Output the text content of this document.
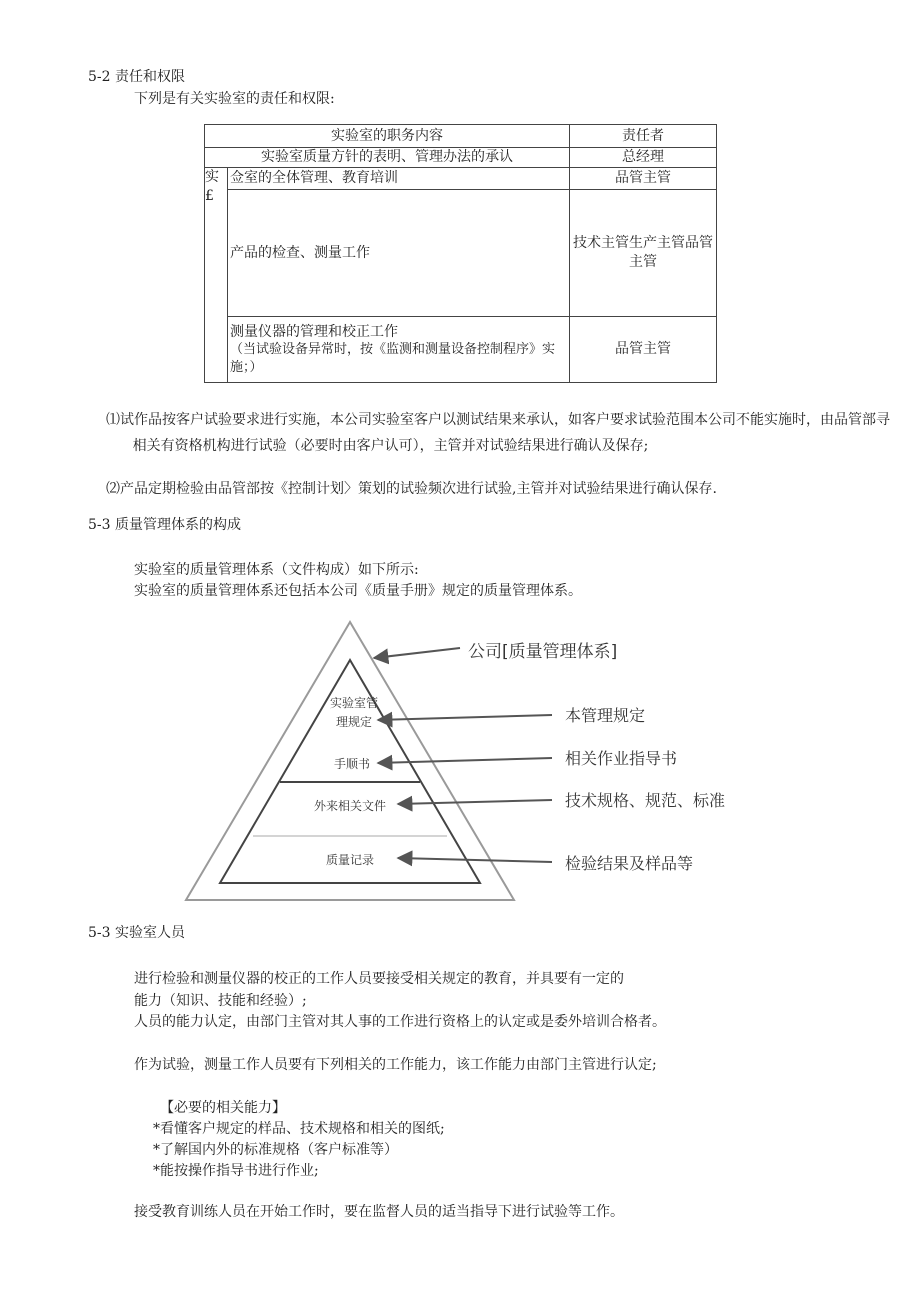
5-2 责任和权限
下列是有关实验室的责任和权限:
实验室的职务内容		责任者
实验室质量方针的表明、管理办法的承认		总经理
实£	佥室的全体管理、教育培训	品管主管
	产品的检查、测量工作	技术主管生产主管品管主管

	测量仪器的管理和校正工作
（当试验设备异常时，按《监测和测量设备控制程序》实施；）	品管主管
⑴试作品按客户试验要求进行实施，本公司实验室客户以测试结果来承认，如客户要求试验范围本公司不能实施时，由品管部寻相关有资格机构进行试验（必要时由客户认可），主管并对试验结果进行确认及保存;
⑵产品定期检验由品管部按《控制计划〉策划的试验频次进行试验,主管并对试验结果进行确认保存.
5-3 质量管理体系的构成
实验室的质量管理体系（文件构成）如下所示:
实验室的质量管理体系还包括本公司《质量手册》规定的质量管理体系。
实验室管
理规定
手顺书
外来相关文件
质量记录
公司[质量管理体系]
本管理规定
相关作业指导书
技术规格、规范、标准
检验结果及样品等
5-3 实验室人员
进行检验和测量仪器的校正的工作人员要接受相关规定的教育，并具要有一定的
能力（知识、技能和经验）;
人员的能力认定，由部门主管对其人事的工作进行资格上的认定或是委外培训合格者。
作为试验，测量工作人员要有下列相关的工作能力，该工作能力由部门主管进行认定;
【必要的相关能力】
*看懂客户规定的样品、技术规格和相关的图纸;
*了解国内外的标准规格（客户标准等）
*能按操作指导书进行作业;
接受教育训练人员在开始工作时，要在监督人员的适当指导下进行试验等工作。
